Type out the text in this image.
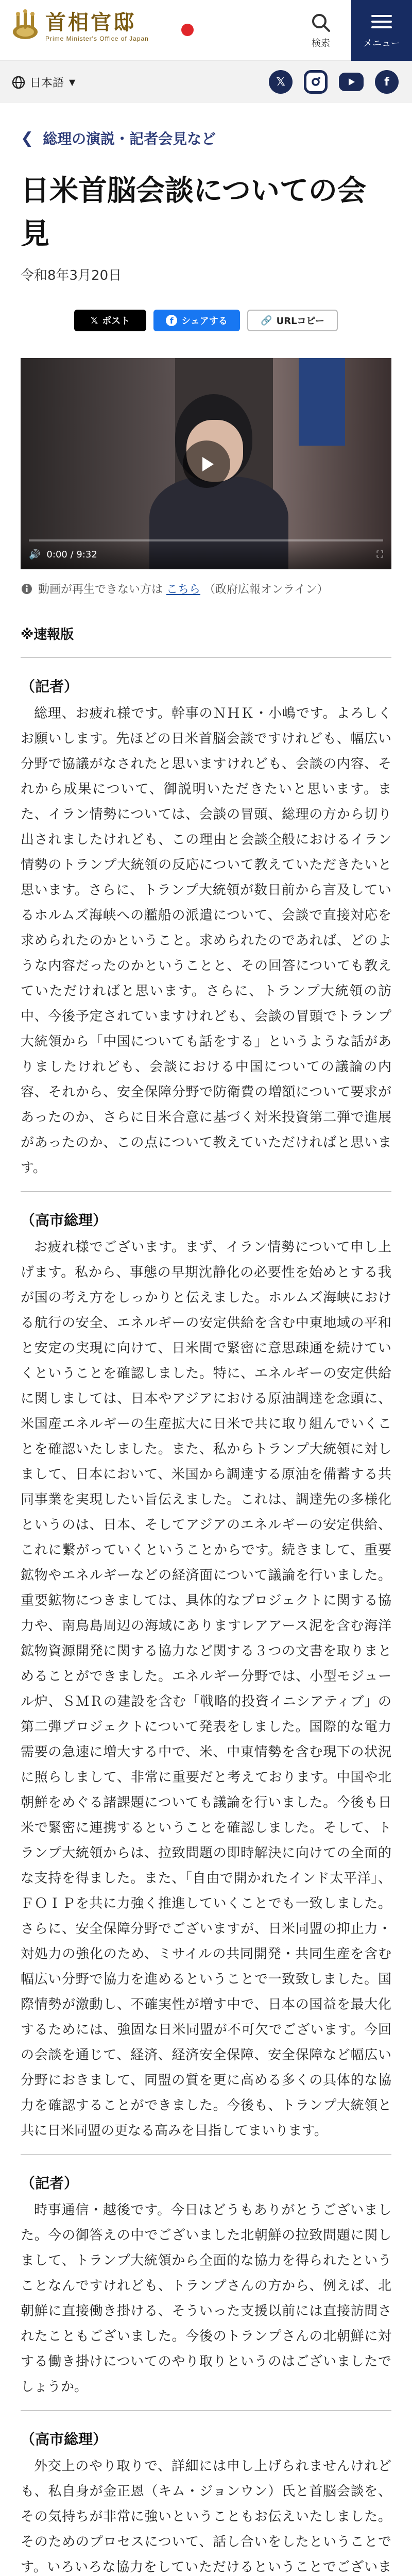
首相官邸
Prime Minister's Office of Japan	検索	メニュー
日本語 ▼	𝕏	f
❮ 総理の演説・記者会見など
日米首脳会談についての会見
令和8年3月20日
𝕏 ポスト	f シェアする	🔗 URLコピー
🔊 0:00 / 9:32	⛶

動画が再生できない方は こちら （政府広報オンライン）

※速報版
（記者）

総理、お疲れ様です。幹事のＮＨＫ・小嶋です。よろしくお願いします。先ほどの日米首脳会談ですけれども、幅広い分野で協議がなされたと思いますけれども、会談の内容、それから成果について、御説明いただきたいと思います。また、イラン情勢については、会談の冒頭、総理の方から切り出されましたけれども、この理由と会談全般におけるイラン情勢のトランプ大統領の反応について教えていただきたいと思います。さらに、トランプ大統領が数日前から言及しているホルムズ海峡への艦船の派遣について、会談で直接対応を求められたのかということ。求められたのであれば、どのような内容だったのかということと、その回答についても教えていただければと思います。さらに、トランプ大統領の訪中、今後予定されていますけれども、会談の冒頭でトランプ大統領から「中国についても話をする」というような話がありましたけれども、会談における中国についての議論の内容、それから、安全保障分野で防衛費の増額について要求があったのか、さらに日米合意に基づく対米投資第二弾で進展があったのか、この点について教えていただければと思います。

（高市総理）

お疲れ様でございます。まず、イラン情勢について申し上げます。私から、事態の早期沈静化の必要性を始めとする我が国の考え方をしっかりと伝えました。ホルムズ海峡における航行の安全、エネルギーの安定供給を含む中東地域の平和と安定の実現に向けて、日米間で緊密に意思疎通を続けていくということを確認しました。特に、エネルギーの安定供給に関しましては、日本やアジアにおける原油調達を念頭に、米国産エネルギーの生産拡大に日米で共に取り組んでいくことを確認いたしました。また、私からトランプ大統領に対しまして、日本において、米国から調達する原油を備蓄する共同事業を実現したい旨伝えました。これは、調達先の多様化というのは、日本、そしてアジアのエネルギーの安定供給、これに繋がっていくということからです。続きまして、重要鉱物やエネルギーなどの経済面について議論を行いました。重要鉱物につきましては、具体的なプロジェクトに関する協力や、南鳥島周辺の海域にありますレアアース泥を含む海洋鉱物資源開発に関する協力など関する３つの文書を取りまとめることができました。エネルギー分野では、小型モジュール炉、ＳＭＲの建設を含む「戦略的投資イニシアティブ」の第二弾プロジェクトについて発表をしました。国際的な電力需要の急速に増大する中で、米、中東情勢を含む現下の状況に照らしまして、非常に重要だと考えております。中国や北朝鮮をめぐる諸課題についても議論を行いました。今後も日米で緊密に連携するということを確認しました。そして、トランプ大統領からは、拉致問題の即時解決に向けての全面的な支持を得ました。また、「自由で開かれたインド太平洋」、ＦＯＩＰを共に力強く推進していくことでも一致しました。さらに、安全保障分野でございますが、日米同盟の抑止力・対処力の強化のため、ミサイルの共同開発・共同生産を含む幅広い分野で協力を進めるということで一致致しました。国際情勢が激動し、不確実性が増す中で、日本の国益を最大化するためには、強固な日米同盟が不可欠でございます。今回の会談を通じて、経済、経済安全保障、安全保障など幅広い分野におきまして、同盟の質を更に高める多くの具体的な協力を確認することができました。今後も、トランプ大統領と共に日米同盟の更なる高みを目指してまいります。

（記者）

時事通信・越後です。今日はどうもありがとうございました。今の御答えの中でございました北朝鮮の拉致問題に関しまして、トランプ大統領から全面的な協力を得られたということなんですけれども、トランプさんの方から、例えば、北朝鮮に直接働き掛ける、そういった支援以前には直接訪問されたこともございました。今後のトランプさんの北朝鮮に対する働き掛けについてのやり取りというのはございましたでしょうか。

（高市総理）

外交上のやり取りで、詳細には申し上げられませんけれども、私自身が金正恩（キム・ジョンウン）氏と首脳会談を、その気持ちが非常に強いということもお伝えいたしました。そのためのプロセスについて、話し合いをしたということです。いろいろな協力をしていただけるということでございま
